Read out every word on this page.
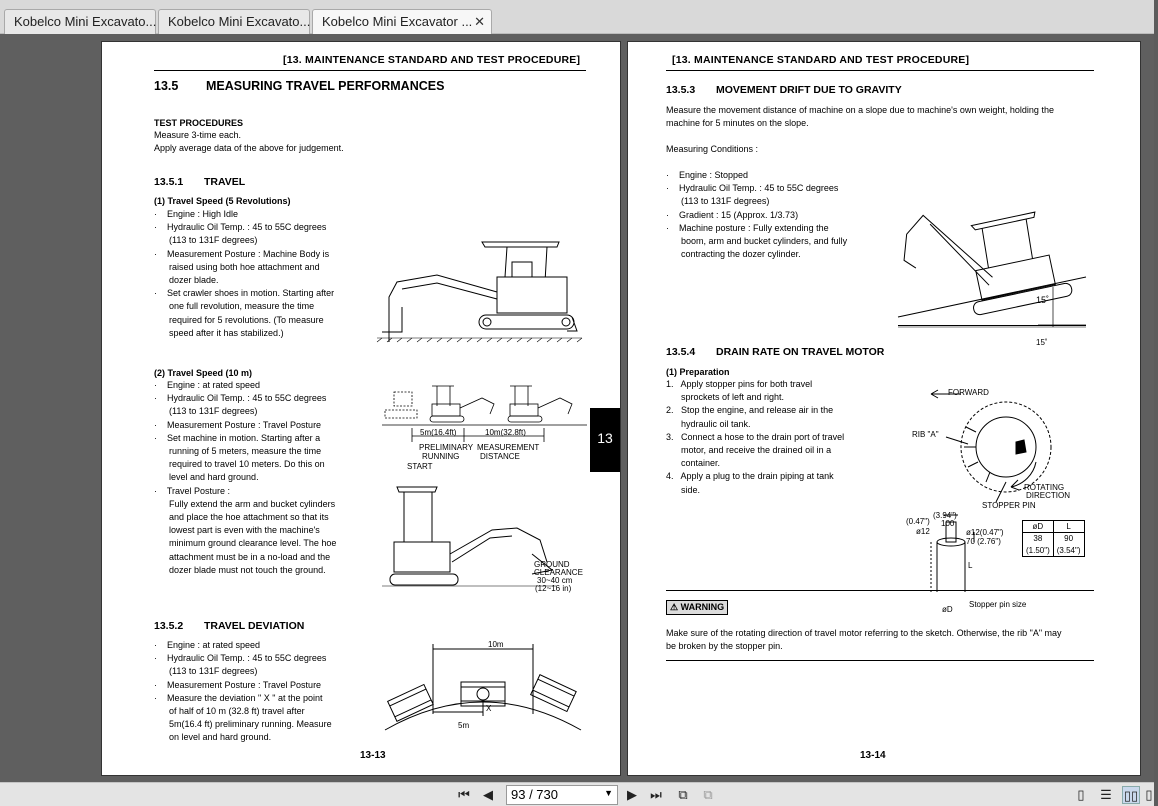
Kobelco Mini Excavato... Kobelco Mini Excavato... Kobelco Mini Excavator ... ✕
[13. MAINTENANCE STANDARD AND TEST PROCEDURE]
13.5 MEASURING TRAVEL PERFORMANCES
TEST PROCEDURES
Measure 3-time each.
Apply average data of the above for judgement.
13.5.1 TRAVEL
(1) Travel Speed (5 Revolutions)
·    Engine : High Idle
·    Hydraulic Oil Temp. : 45 to 55C degrees
(113 to 131F degrees)
·    Measurement Posture : Machine Body is
raised using both hoe attachment and
dozer blade.
·    Set crawler shoes in motion. Starting after
one full revolution, measure the time
required for 5 revolutions. (To measure
speed after it has stabilized.)
(2) Travel Speed (10 m)
·    Engine : at rated speed
·    Hydraulic Oil Temp. : 45 to 55C degrees
(113 to 131F degrees)
·    Measurement Posture : Travel Posture
·    Set machine in motion. Starting after a
running of 5 meters, measure the time
required to travel 10 meters. Do this on
level and hard ground.
·    Travel Posture :
Fully extend the arm and bucket cylinders
and place the hoe attachment so that its
lowest part is even with the machine's
minimum ground clearance level. The hoe
attachment must be in a no-load and the
dozer blade must not touch the ground.
5m(16.4ft)	10m(32.8ft)
PRELIMINARY
RUNNING
MEASUREMENT
DISTANCE
START
GROUND
CLEARANCE
30~40 cm
(12~16 in)
13.5.2 TRAVEL DEVIATION
·    Engine : at rated speed
·    Hydraulic Oil Temp. : 45 to 55C degrees
(113 to 131F degrees)
·    Measurement Posture : Travel Posture
·    Measure the deviation " X " at the point
of half of 10 m (32.8 ft) travel after
5m(16.4 ft) preliminary running. Measure
on level and hard ground.
10m
5m
X
13-13
13
[13. MAINTENANCE STANDARD AND TEST PROCEDURE]
13.5.3 MOVEMENT DRIFT DUE TO GRAVITY
Measure the movement distance of machine on a slope due to machine's own weight, holding the
machine for 5 minutes on the slope.
Measuring Conditions :
·    Engine : Stopped
·    Hydraulic Oil Temp. : 45 to 55C degrees
(113 to 131F degrees)
·    Gradient : 15 (Approx. 1/3.73)
·    Machine posture : Fully extending the
boom, arm and bucket cylinders, and fully
contracting the dozer cylinder.
15˚
15˚
13.5.4 DRAIN RATE ON TRAVEL MOTOR
(1) Preparation
1.   Apply stopper pins for both travel
sprockets of left and right.
2.   Stop the engine, and release air in the
hydraulic oil tank.
3.   Connect a hose to the drain port of travel
motor, and receive the drained oil in a
container.
4.   Apply a plug to the drain piping at tank
side.
FORWARD
RIB "A"
ROTATING
DIRECTION
STOPPER PIN
(0.47")
(3.94")
ø12
100
ø12(0.47")
70 (2.76")
L
øD
Stopper pin size
øD	L
38	90
(1.50")	(3.54")
⚠ WARNING
Make sure of the rotating direction of travel motor referring to the sketch. Otherwise, the rib "A" may
be broken by the stopper pin.
13-14
⏮	◀	93 / 730	▼	▶	⏭	⧉	⧉	▯	☰ ▯▯ ▯
